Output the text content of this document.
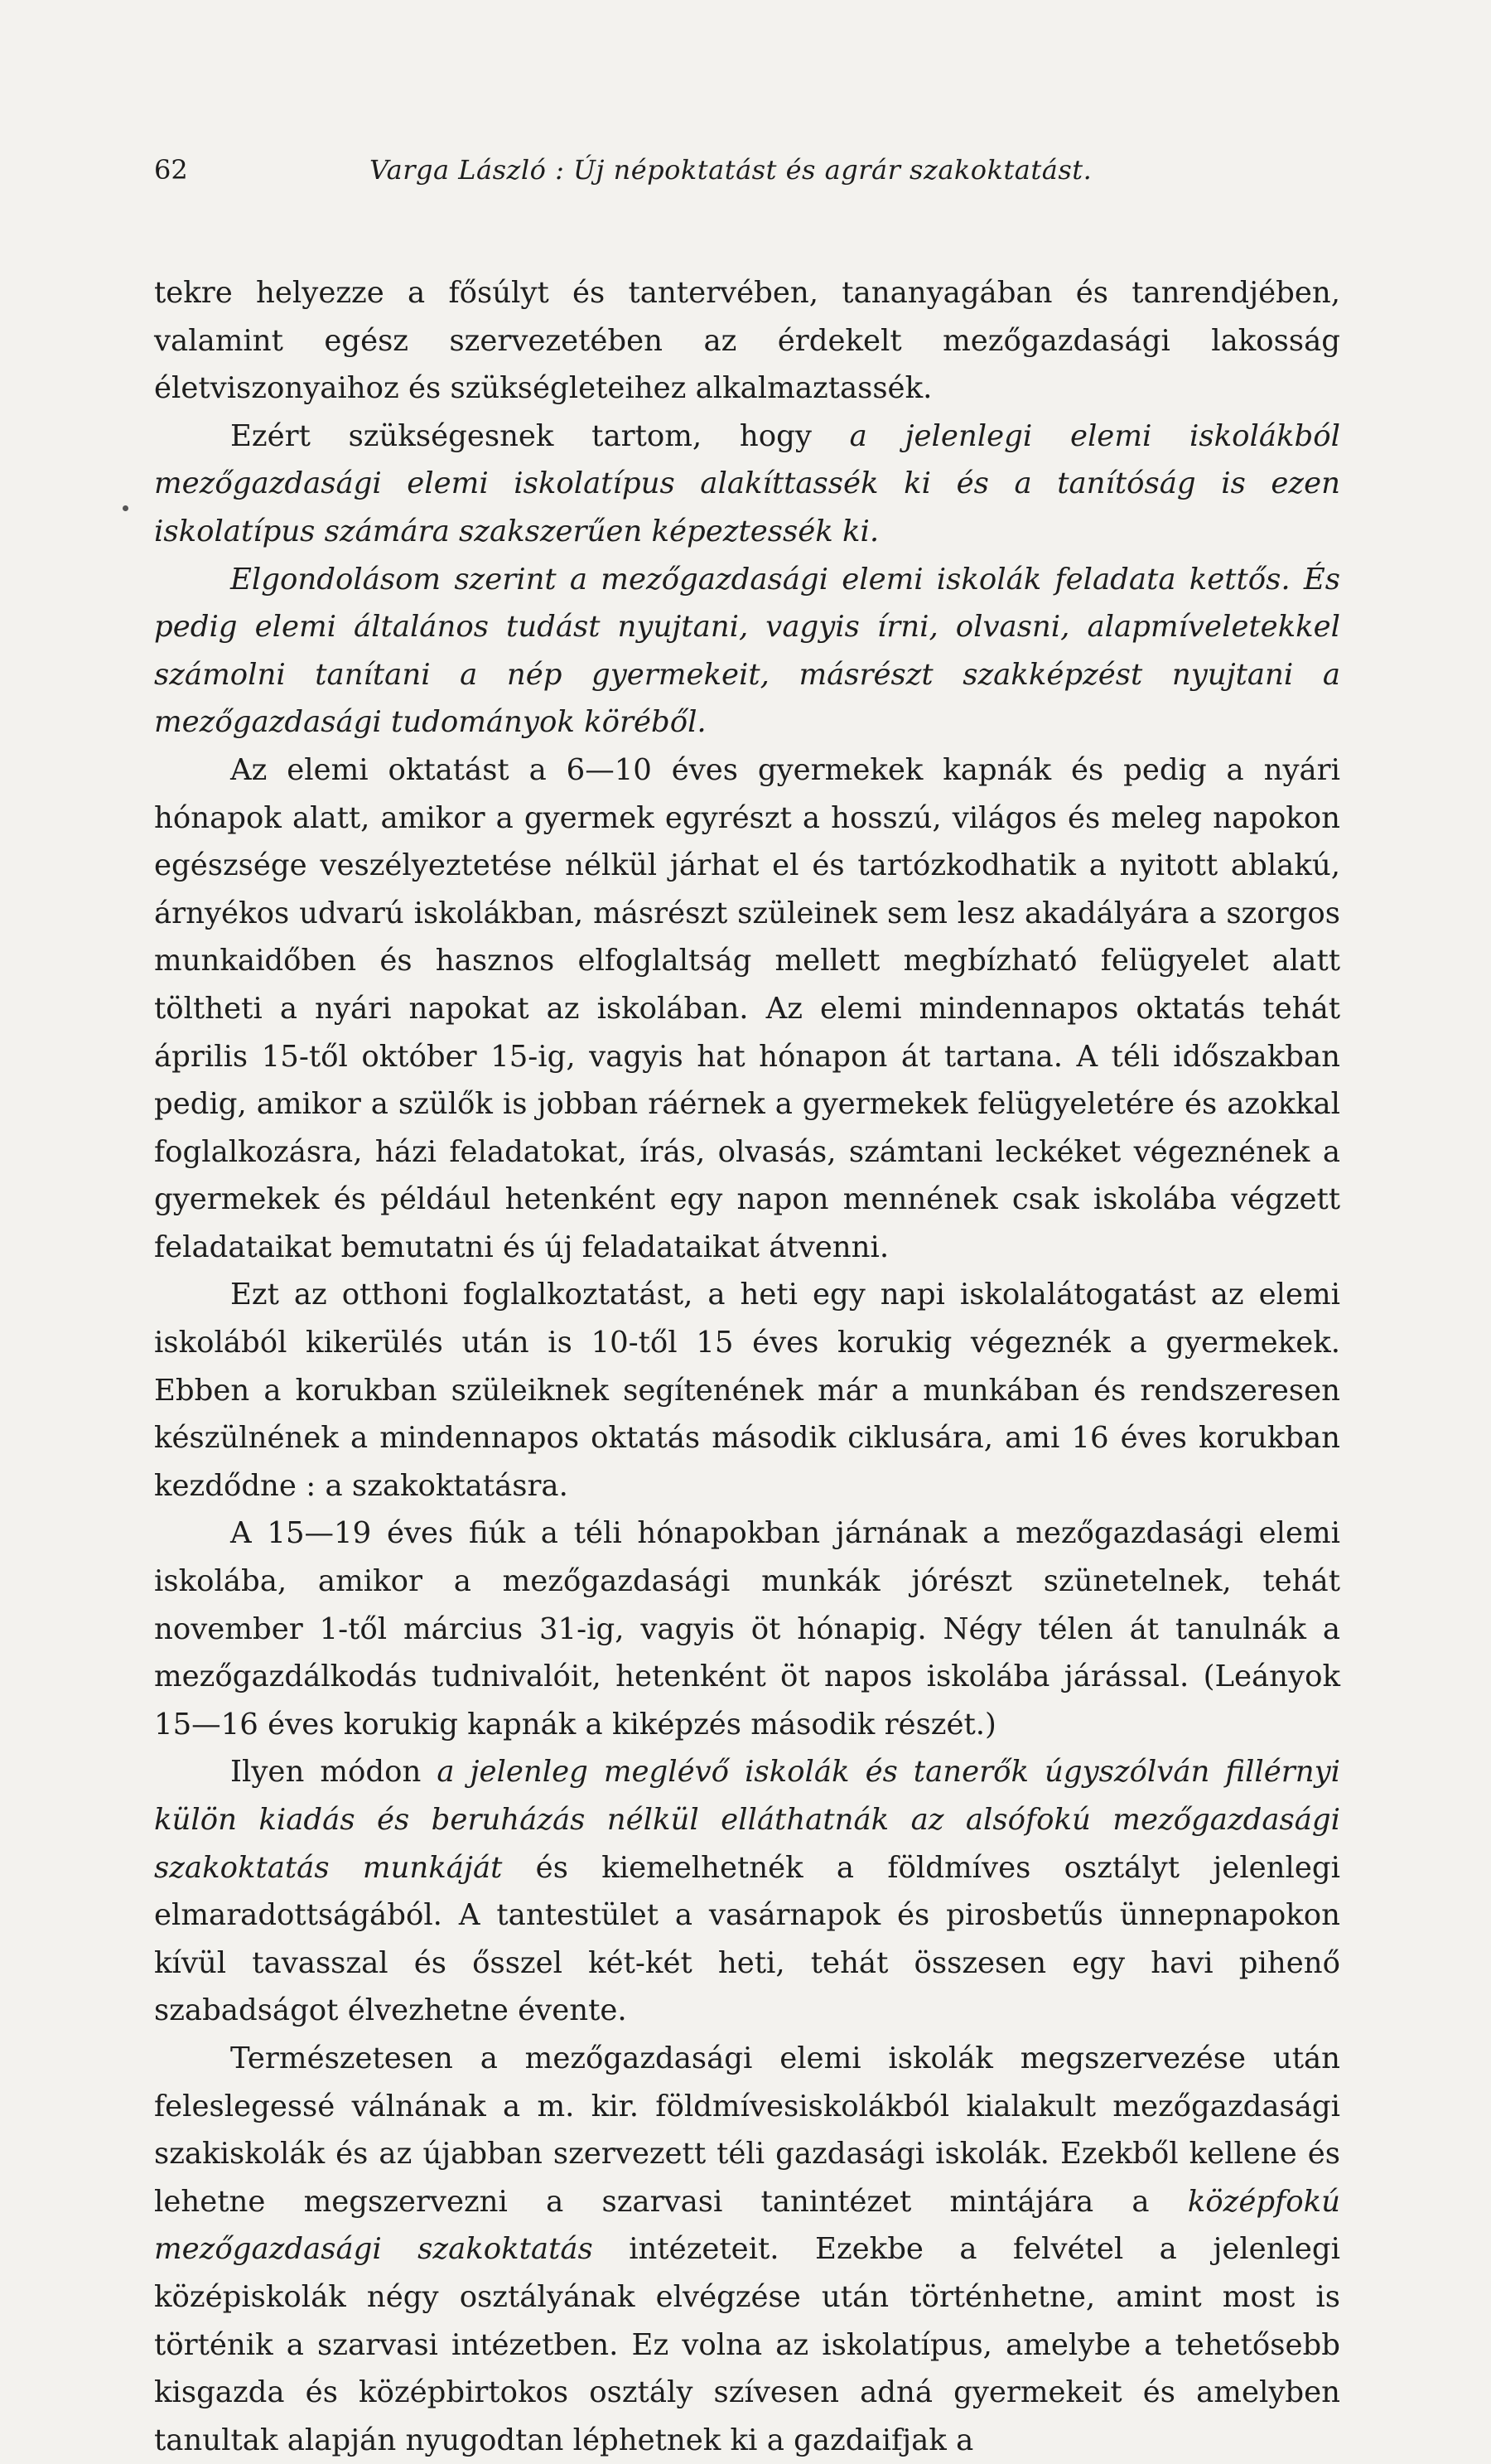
62	Varga László : Új népoktatást és agrár szakoktatást.

tekre helyezze a fősúlyt és tantervében, tananyagában és tanrendjében, valamint egész szervezetében az érdekelt mezőgazdasági lakosság életviszonyaihoz és szükségleteihez alkalmaztassék.

Ezért szükségesnek tartom, hogy a jelenlegi elemi iskolákból mezőgazdasági elemi iskolatípus alakíttassék ki és a tanítóság is ezen iskolatípus számára szakszerűen képeztessék ki.

Elgondolásom szerint a mezőgazdasági elemi iskolák feladata kettős. És pedig elemi általános tudást nyujtani, vagyis írni, olvasni, alapmíveletekkel számolni tanítani a nép gyermekeit, másrészt szakképzést nyujtani a mezőgazdasági tudományok köréből.

Az elemi oktatást a 6—10 éves gyermekek kapnák és pedig a nyári hónapok alatt, amikor a gyermek egyrészt a hosszú, világos és meleg napokon egészsége veszélyeztetése nélkül járhat el és tartózkodhatik a nyitott ablakú, árnyékos udvarú iskolákban, másrészt szüleinek sem lesz akadályára a szorgos munkaidőben és hasznos elfoglaltság mellett megbízható felügyelet alatt töltheti a nyári napokat az iskolában. Az elemi mindennapos oktatás tehát április 15-től október 15-ig, vagyis hat hónapon át tartana. A téli időszakban pedig, amikor a szülők is jobban ráérnek a gyermekek felügyeletére és azokkal foglalkozásra, házi feladatokat, írás, olvasás, számtani leckéket végeznének a gyermekek és például hetenként egy napon mennének csak iskolába végzett feladataikat bemutatni és új feladataikat átvenni.

Ezt az otthoni foglalkoztatást, a heti egy napi iskolalátogatást az elemi iskolából kikerülés után is 10-től 15 éves korukig végeznék a gyermekek. Ebben a korukban szüleiknek segítenének már a munkában és rendszeresen készülnének a mindennapos oktatás második ciklusára, ami 16 éves korukban kezdődne : a szakoktatásra.

A 15—19 éves fiúk a téli hónapokban járnának a mezőgazdasági elemi iskolába, amikor a mezőgazdasági munkák jórészt szünetelnek, tehát november 1-től március 31-ig, vagyis öt hónapig. Négy télen át tanulnák a mezőgazdálkodás tudnivalóit, hetenként öt napos iskolába járással. (Leányok 15—16 éves korukig kapnák a kiképzés második részét.)

Ilyen módon a jelenleg meglévő iskolák és tanerők úgyszólván fillérnyi külön kiadás és beruházás nélkül elláthatnák az alsófokú mezőgazdasági szakoktatás munkáját és kiemelhetnék a földmíves osztályt jelenlegi elmaradottságából. A tantestület a vasárnapok és pirosbetűs ünnepnapokon kívül tavasszal és ősszel két-két heti, tehát összesen egy havi pihenő szabadságot élvezhetne évente.

Természetesen a mezőgazdasági elemi iskolák megszervezése után feleslegessé válnának a m. kir. földmívesiskolákból kialakult mezőgazdasági szakiskolák és az újabban szervezett téli gazdasági iskolák. Ezekből kellene és lehetne megszervezni a szarvasi tanintézet mintájára a középfokú mezőgazdasági szakoktatás intézeteit. Ezekbe a felvétel a jelenlegi középiskolák négy osztályának elvégzése után történhetne, amint most is történik a szarvasi intézetben. Ez volna az iskolatípus, amelybe a tehetősebb kisgazda és középbirtokos osztály szívesen adná gyermekeit és amelyben tanultak alapján nyugodtan léphetnek ki a gazdaifjak a
